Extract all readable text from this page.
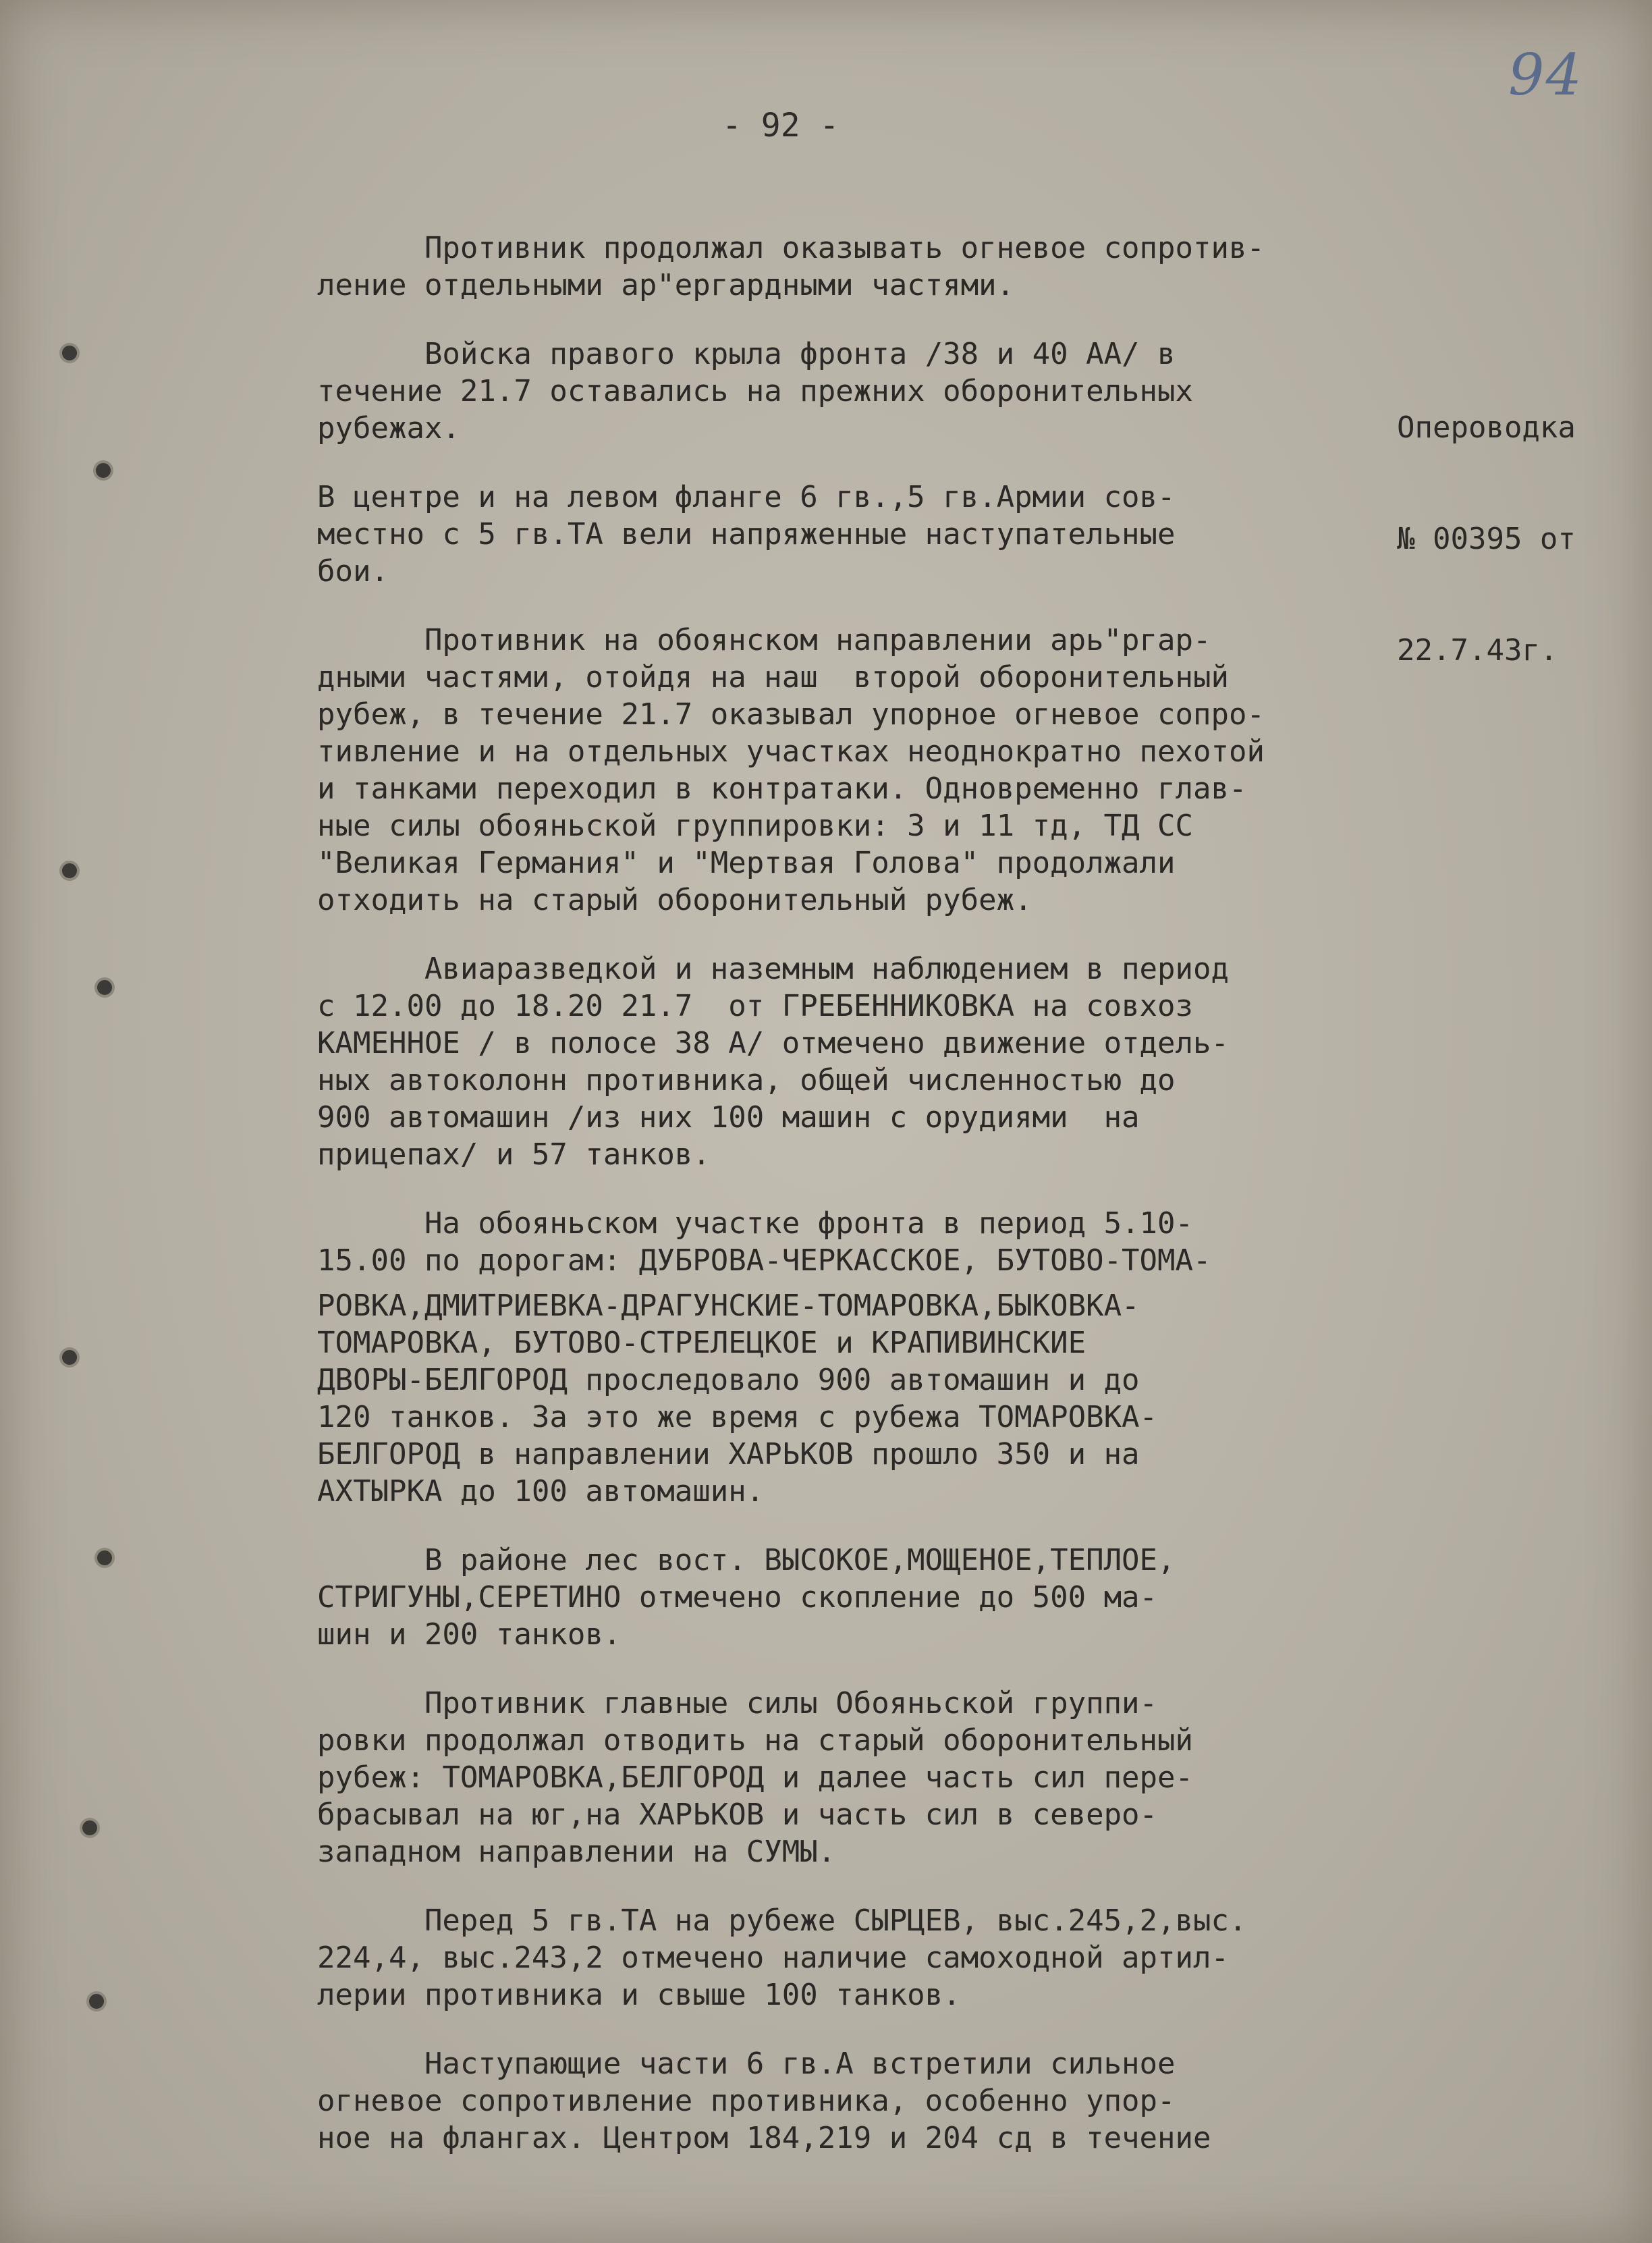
94
- 92 -

Опероводка

№ 00395 от

22.7.43г.

Противник продолжал оказывать огневое сопротив-
ление отдельными ар"ергардными частями.
Войска правого крыла фронта /38 и 40 АА/ в
течение 21.7 оставались на прежних оборонительных
рубежах.
В центре и на левом фланге 6 гв.,5 гв.Армии сов-
местно с 5 гв.ТА вели напряженные наступательные
бои.
Противник на обоянском направлении арь"ргар-
дными частями, отойдя на наш  второй оборонительный
рубеж, в течение 21.7 оказывал упорное огневое сопро-
тивление и на отдельных участках неоднократно пехотой
и танками переходил в контратаки. Одновременно глав-
ные силы обояньской группировки: 3 и 11 тд, ТД СС
"Великая Германия" и "Мертвая Голова" продолжали
отходить на старый оборонительный рубеж.
Авиаразведкой и наземным наблюдением в период
с 12.00 до 18.20 21.7  от ГРЕБЕННИКОВКА на совхоз
КАМЕННОЕ / в полосе 38 А/ отмечено движение отдель-
ных автоколонн противника, общей численностью до
900 автомашин /из них 100 машин с орудиями  на
прицепах/ и 57 танков.
На обояньском участке фронта в период 5.10-
15.00 по дорогам: ДУБРОВА-ЧЕРКАССКОЕ, БУТОВО-ТОМА-
РОВКА,ДМИТРИЕВКА-ДРАГУНСКИЕ-ТОМАРОВКА,БЫКОВКА-
ТОМАРОВКА, БУТОВО-СТРЕЛЕЦКОЕ и КРАПИВИНСКИЕ
ДВОРЫ-БЕЛГОРОД проследовало 900 автомашин и до
120 танков. За это же время с рубежа ТОМАРОВКА-
БЕЛГОРОД в направлении ХАРЬКОВ прошло 350 и на
АХТЫРКА до 100 автомашин.
В районе лес вост. ВЫСОКОЕ,МОЩЕНОЕ,ТЕПЛОЕ,
СТРИГУНЫ,СЕРЕТИНО отмечено скопление до 500 ма-
шин и 200 танков.
Противник главные силы Обояньской группи-
ровки продолжал отводить на старый оборонительный
рубеж: ТОМАРОВКА,БЕЛГОРОД и далее часть сил пере-
брасывал на юг,на ХАРЬКОВ и часть сил в северо-
западном направлении на СУМЫ.
Перед 5 гв.ТА на рубеже СЫРЦЕВ, выс.245,2,выс.
224,4, выс.243,2 отмечено наличие самоходной артил-
лерии противника и свыше 100 танков.
Наступающие части 6 гв.А встретили сильное
огневое сопротивление противника, особенно упор-
ное на флангах. Центром 184,219 и 204 сд в течение
